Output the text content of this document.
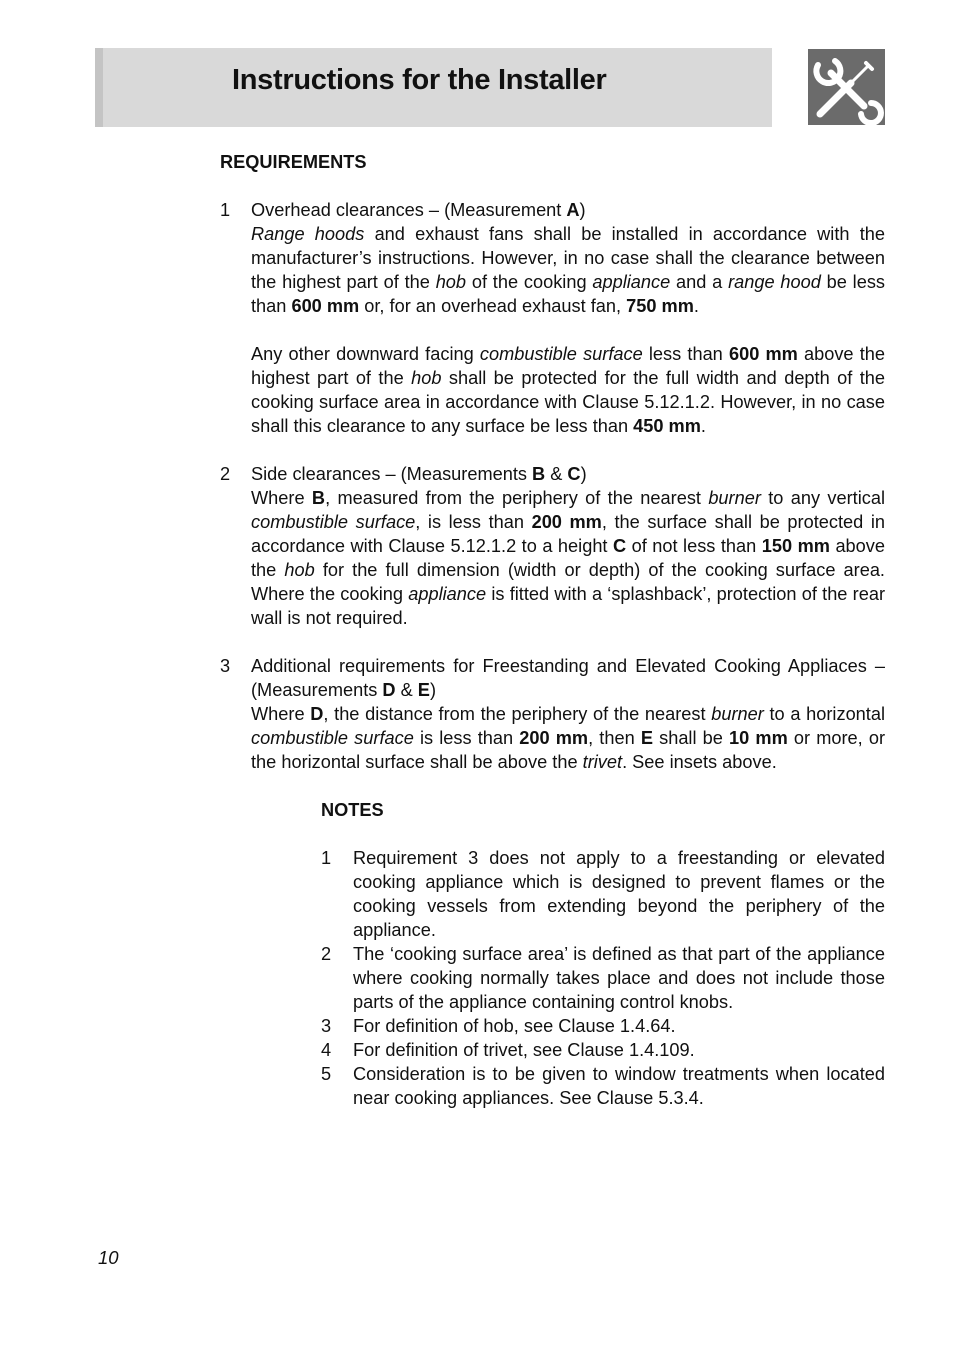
Instructions for the Installer
REQUIREMENTS
1 Overhead clearances – (Measurement A)

Range hoods and exhaust fans shall be installed in accordance with the manufacturer’s instructions. However, in no case shall the clearance between the highest part of the hob of the cooking appliance and a range hood be less than 600 mm or, for an overhead exhaust fan, 750 mm.

Any other downward facing combustible surface less than 600 mm above the highest part of the hob shall be protected for the full width and depth of the cooking surface area in accordance with Clause 5.12.1.2. However, in no case shall this clearance to any surface be less than 450 mm.

2 Side clearances – (Measurements B & C)

Where B, measured from the periphery of the nearest burner to any vertical combustible surface, is less than 200 mm, the surface shall be protected in accordance with Clause 5.12.1.2 to a height C of not less than 150 mm above the hob for the full dimension (width or depth) of the cooking surface area. Where the cooking appliance is fitted with a ‘splashback’, protection of the rear wall is not required.

3 Additional requirements for Freestanding and Elevated Cooking Appliaces – (Measurements D & E)

Where D, the distance from the periphery of the nearest burner to a horizontal combustible surface is less than 200 mm, then E shall be 10 mm or more, or the horizontal surface shall be above the trivet. See insets above.

NOTES
1 Requirement 3 does not apply to a freestanding or elevated cooking appliance which is designed to prevent flames or the cooking vessels from extending beyond the periphery of the appliance.
2 The ‘cooking surface area’ is defined as that part of the appliance where cooking normally takes place and does not include those parts of the appliance containing control knobs.
3 For definition of hob, see Clause 1.4.64.
4 For definition of trivet, see Clause 1.4.109.
5 Consideration is to be given to window treatments when located near cooking appliances. See Clause 5.3.4.
10
